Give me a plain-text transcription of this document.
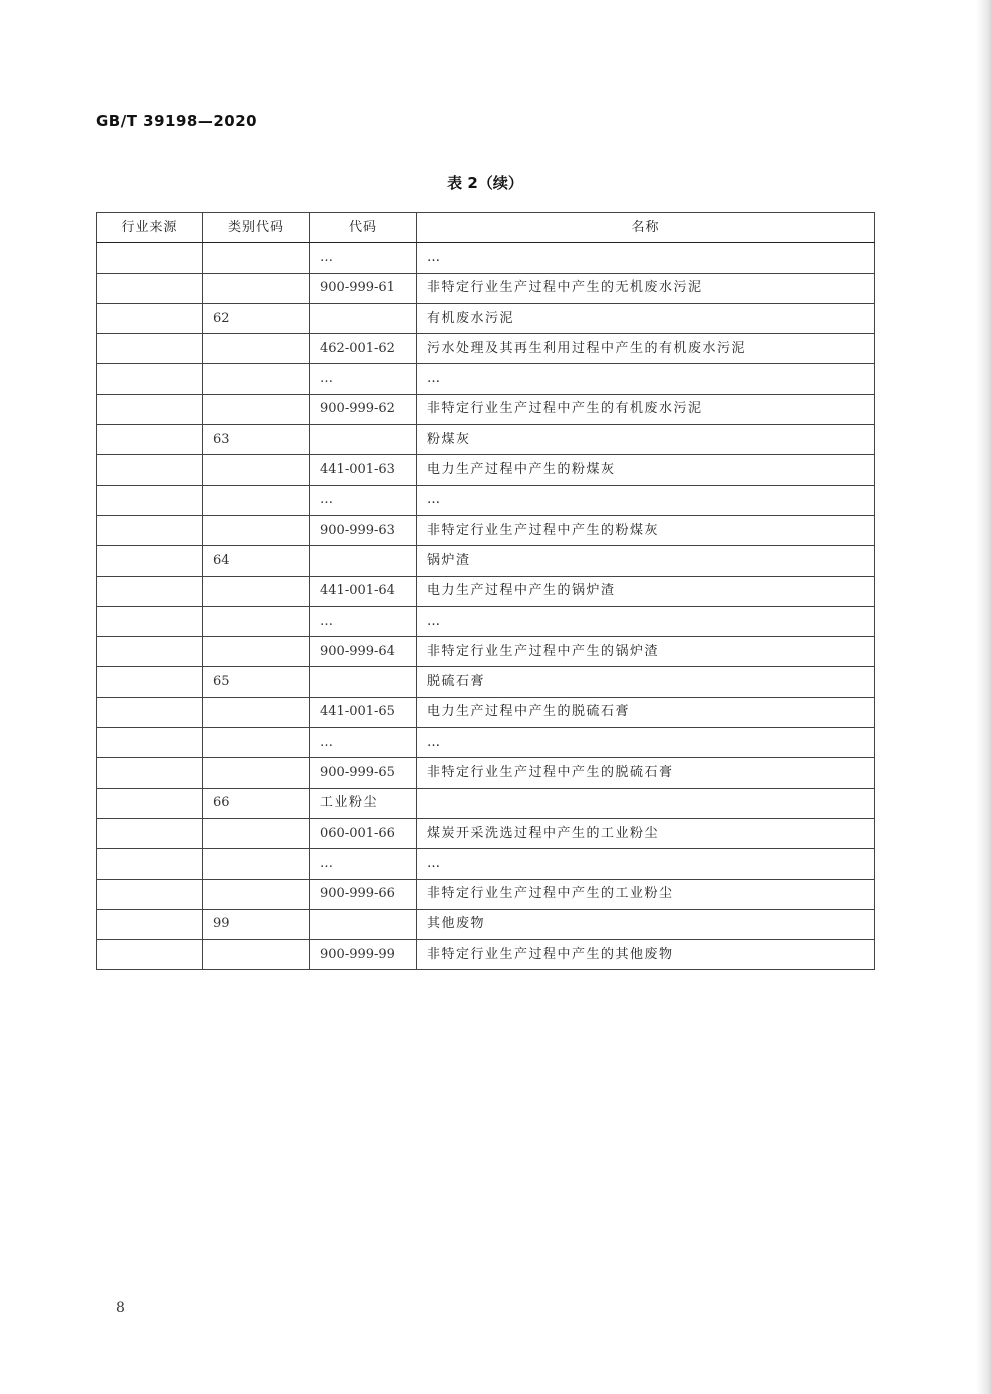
GB/T 39198—2020
表 2（续）
行业来源	类别代码	代码	名称
		…	…
		900-999-61	非特定行业生产过程中产生的无机废水污泥
	62		有机废水污泥
		462-001-62	污水处理及其再生利用过程中产生的有机废水污泥
		…	…
		900-999-62	非特定行业生产过程中产生的有机废水污泥
	63		粉煤灰
		441-001-63	电力生产过程中产生的粉煤灰
		…	…
		900-999-63	非特定行业生产过程中产生的粉煤灰
	64		锅炉渣
		441-001-64	电力生产过程中产生的锅炉渣
		…	…
		900-999-64	非特定行业生产过程中产生的锅炉渣
	65		脱硫石膏
		441-001-65	电力生产过程中产生的脱硫石膏
		…	…
		900-999-65	非特定行业生产过程中产生的脱硫石膏
	66	工业粉尘	
		060-001-66	煤炭开采洗选过程中产生的工业粉尘
		…	…
		900-999-66	非特定行业生产过程中产生的工业粉尘
	99		其他废物
		900-999-99	非特定行业生产过程中产生的其他废物
8
